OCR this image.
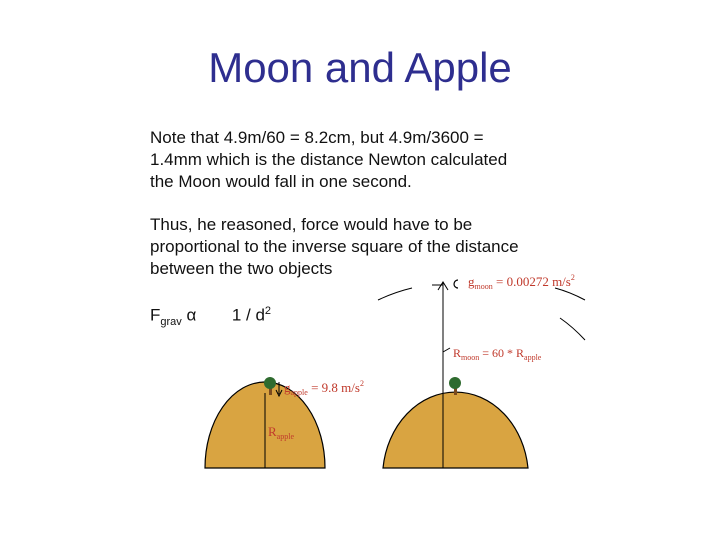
Moon and Apple
Note that 4.9m/60 = 8.2cm, but 4.9m/3600 = 1.4mm which is the distance Newton calculated the Moon would fall in one second.
Thus, he reasoned, force would have to be proportional to the inverse square of the distance between the two objects
$F_{grav}$ α $1 / d^2$
$g_{moon} = 0.00272$ $m/s^2$
$R_{moon} = 60 * R_{apple}$
$g_{apple} = 9.8$ $m/s^2$
$R_{apple}$
